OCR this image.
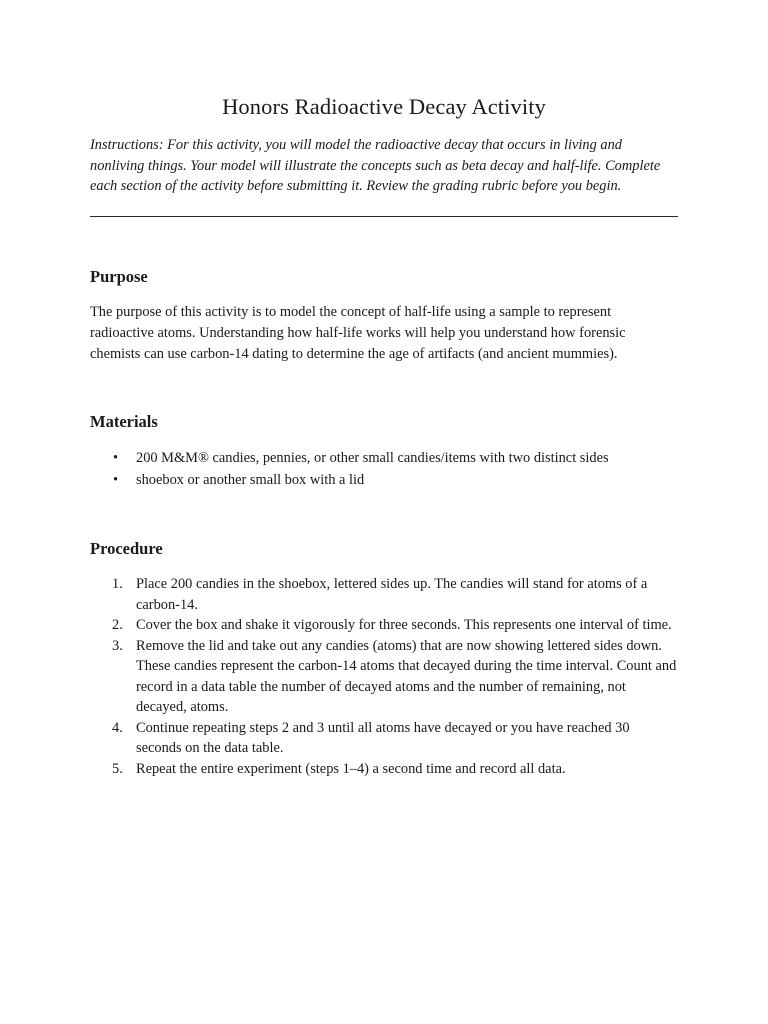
Honors Radioactive Decay Activity

Instructions: For this activity, you will model the radioactive decay that occurs in living and nonliving things. Your model will illustrate the concepts such as beta decay and half-life. Complete each section of the activity before submitting it. Review the grading rubric before you begin.

Purpose

The purpose of this activity is to model the concept of half-life using a sample to represent radioactive atoms. Understanding how half-life works will help you understand how forensic chemists can use carbon-14 dating to determine the age of artifacts (and ancient mummies).

Materials
• 200 M&M® candies, pennies, or other small candies/items with two distinct sides
• shoebox or another small box with a lid
Procedure
1. Place 200 candies in the shoebox, lettered sides up. The candies will stand for atoms of a carbon-14.
2. Cover the box and shake it vigorously for three seconds. This represents one interval of time.
3. Remove the lid and take out any candies (atoms) that are now showing lettered sides down. These candies represent the carbon-14 atoms that decayed during the time interval. Count and record in a data table the number of decayed atoms and the number of remaining, not decayed, atoms.
4. Continue repeating steps 2 and 3 until all atoms have decayed or you have reached 30 seconds on the data table.
5. Repeat the entire experiment (steps 1–4) a second time and record all data.
